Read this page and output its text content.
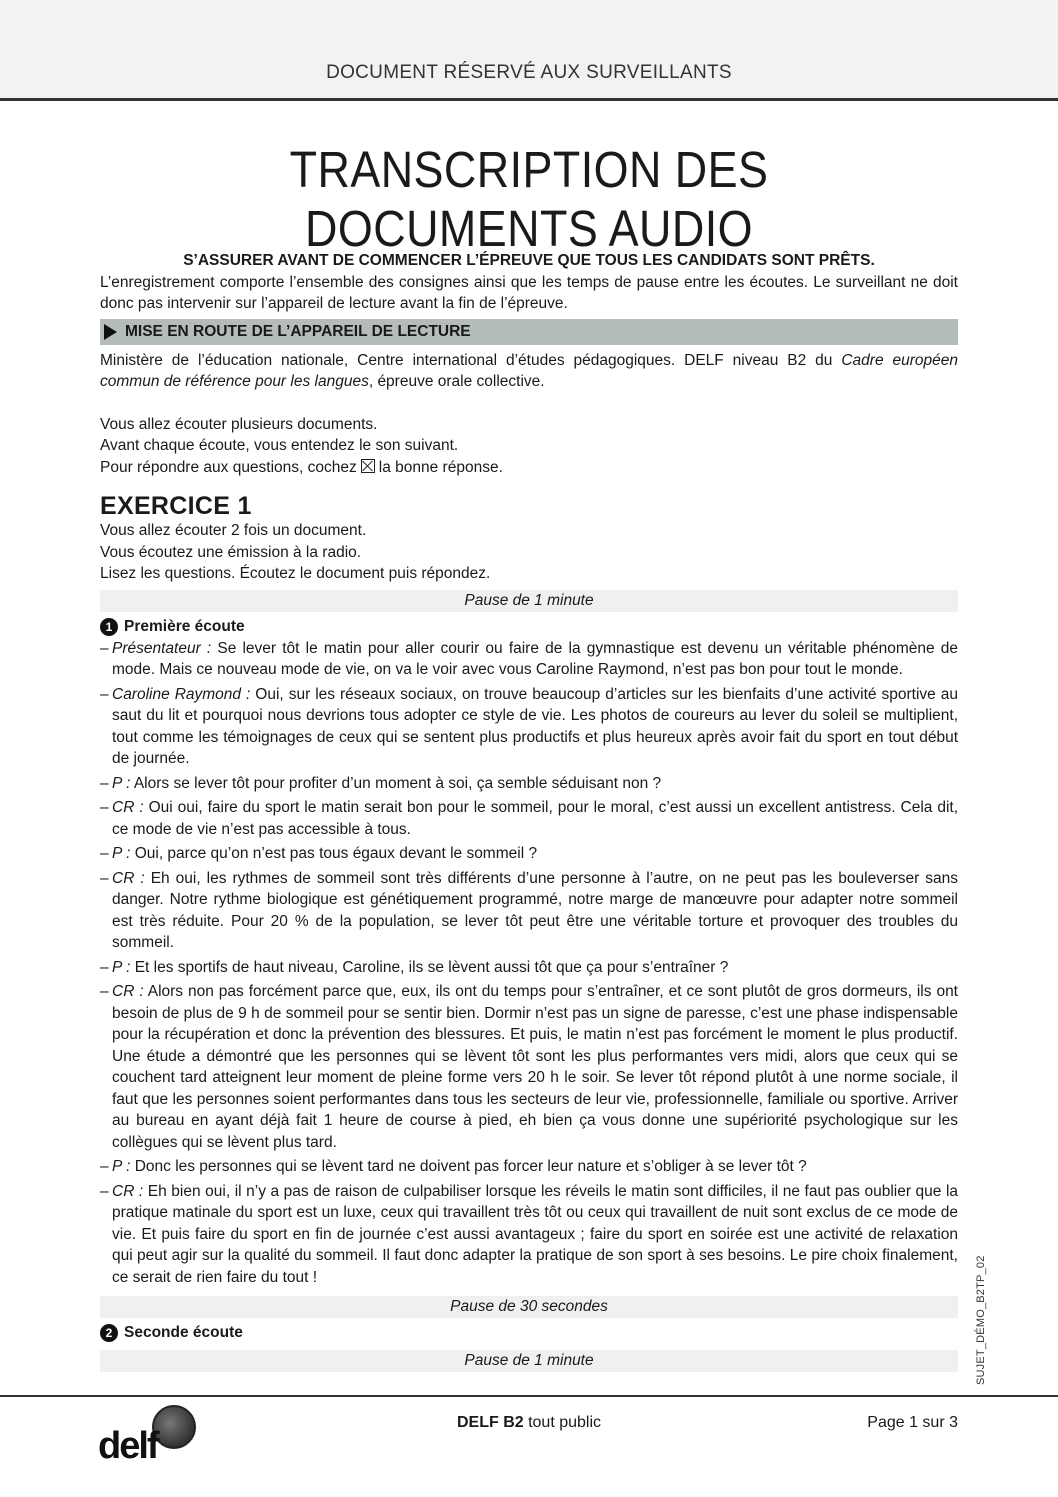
DOCUMENT RÉSERVÉ AUX SURVEILLANTS
TRANSCRIPTION DES DOCUMENTS AUDIO

S’ASSURER AVANT DE COMMENCER L’ÉPREUVE QUE TOUS LES CANDIDATS SONT PRÊTS.

L’enregistrement comporte l’ensemble des consignes ainsi que les temps de pause entre les écoutes. Le surveillant ne doit donc pas intervenir sur l’appareil de lecture avant la fin de l’épreuve.

MISE EN ROUTE DE L’APPAREIL DE LECTURE

Ministère de l’éducation nationale, Centre international d’études pédagogiques. DELF niveau B2 du Cadre européen commun de référence pour les langues, épreuve orale collective.

Vous allez écouter plusieurs documents.

Avant chaque écoute, vous entendez le son suivant.

Pour répondre aux questions, cochez la bonne réponse.

EXERCICE 1

Vous allez écouter 2 fois un document.

Vous écoutez une émission à la radio.

Lisez les questions. Écoutez le document puis répondez.

Pause de 1 minute
1 Première écoute
– Présentateur : Se lever tôt le matin pour aller courir ou faire de la gymnastique est devenu un véritable phénomène de mode. Mais ce nouveau mode de vie, on va le voir avec vous Caroline Raymond, n’est pas bon pour tout le monde.
– Caroline Raymond : Oui, sur les réseaux sociaux, on trouve beaucoup d’articles sur les bienfaits d’une activité sportive au saut du lit et pourquoi nous devrions tous adopter ce style de vie. Les photos de coureurs au lever du soleil se multiplient, tout comme les témoignages de ceux qui se sentent plus productifs et plus heureux après avoir fait du sport en tout début de journée.
– P : Alors se lever tôt pour profiter d’un moment à soi, ça semble séduisant non ?
– CR : Oui oui, faire du sport le matin serait bon pour le sommeil, pour le moral, c’est aussi un excellent antistress. Cela dit, ce mode de vie n’est pas accessible à tous.
– P : Oui, parce qu’on n’est pas tous égaux devant le sommeil ?
– CR : Eh oui, les rythmes de sommeil sont très différents d’une personne à l’autre, on ne peut pas les bouleverser sans danger. Notre rythme biologique est génétiquement programmé, notre marge de manœuvre pour adapter notre sommeil est très réduite. Pour 20 % de la population, se lever tôt peut être une véritable torture et provoquer des troubles du sommeil.
– P : Et les sportifs de haut niveau, Caroline, ils se lèvent aussi tôt que ça pour s’entraîner ?
– CR : Alors non pas forcément parce que, eux, ils ont du temps pour s’entraîner, et ce sont plutôt de gros dormeurs, ils ont besoin de plus de 9 h de sommeil pour se sentir bien. Dormir n’est pas un signe de paresse, c’est une phase indispensable pour la récupération et donc la prévention des blessures. Et puis, le matin n’est pas forcément le moment le plus productif. Une étude a démontré que les personnes qui se lèvent tôt sont les plus performantes vers midi, alors que ceux qui se couchent tard atteignent leur moment de pleine forme vers 20 h le soir. Se lever tôt répond plutôt à une norme sociale, il faut que les personnes soient performantes dans tous les secteurs de leur vie, professionnelle, familiale ou sportive. Arriver au bureau en ayant déjà fait 1 heure de course à pied, eh bien ça vous donne une supériorité psychologique sur les collègues qui se lèvent plus tard.
– P : Donc les personnes qui se lèvent tard ne doivent pas forcer leur nature et s’obliger à se lever tôt ?
– CR : Eh bien oui, il n’y a pas de raison de culpabiliser lorsque les réveils le matin sont difficiles, il ne faut pas oublier que la pratique matinale du sport est un luxe, ceux qui travaillent très tôt ou ceux qui travaillent de nuit sont exclus de ce mode de vie. Et puis faire du sport en fin de journée c’est aussi avantageux ; faire du sport en soirée est une activité de relaxation qui peut agir sur la qualité du sommeil. Il faut donc adapter la pratique de son sport à ses besoins. Le pire choix finalement, ce serait de rien faire du tout !
Pause de 30 secondes
2 Seconde écoute
Pause de 1 minute	SUJET_DÉMO_B2TP_02
delf
DELF B2 tout public	Page 1 sur 3
